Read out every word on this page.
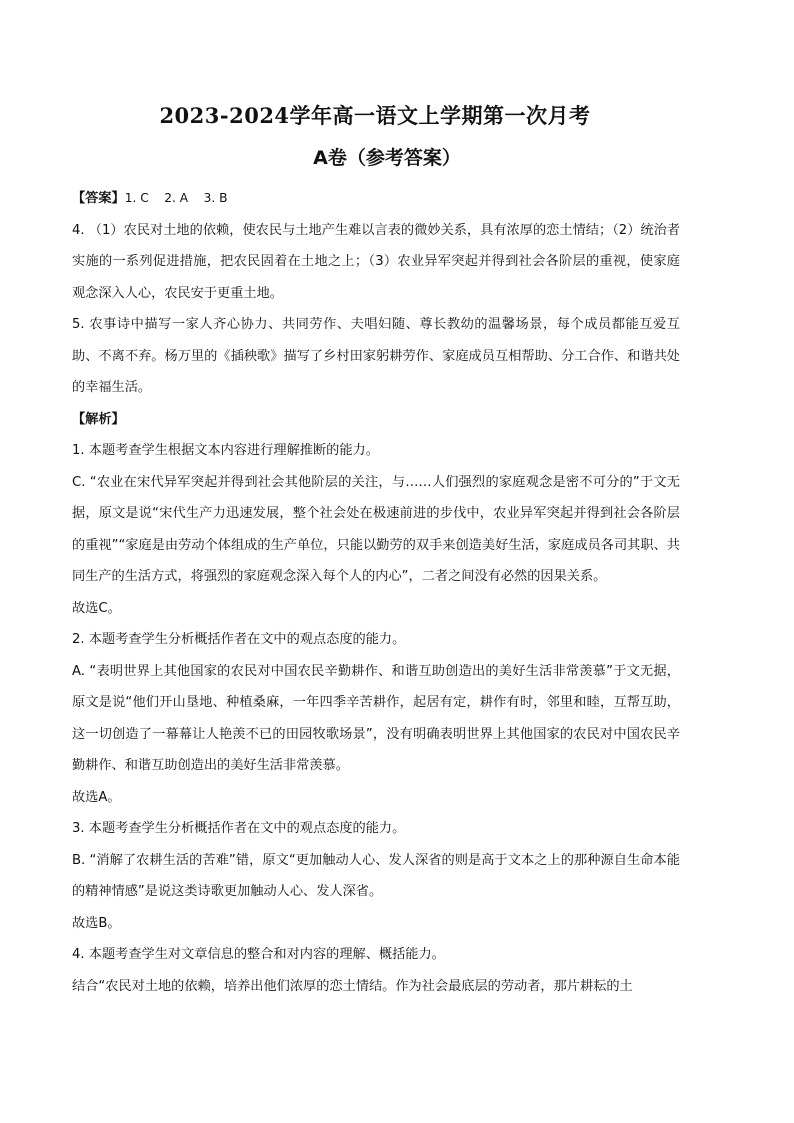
2023-2024学年高一语文上学期第一次月考
A卷（参考答案）

【答案】1. C    2. A    3. B

4. （1）农民对土地的依赖，使农民与土地产生难以言表的微妙关系，具有浓厚的恋土情结；（2）统治者实施的一系列促进措施，把农民固着在土地之上；（3）农业异军突起并得到社会各阶层的重视，使家庭观念深入人心，农民安于更重土地。

5. 农事诗中描写一家人齐心协力、共同劳作、夫唱妇随、尊长教幼的温馨场景，每个成员都能互爱互助、不离不弃。杨万里的《插秧歌》描写了乡村田家躬耕劳作、家庭成员互相帮助、分工合作、和谐共处的幸福生活。

【解析】

1. 本题考查学生根据文本内容进行理解推断的能力。

C. “农业在宋代异军突起并得到社会其他阶层的关注，与……人们强烈的家庭观念是密不可分的”于文无据，原文是说“宋代生产力迅速发展，整个社会处在极速前进的步伐中，农业异军突起并得到社会各阶层的重视”“家庭是由劳动个体组成的生产单位，只能以勤劳的双手来创造美好生活，家庭成员各司其职、共同生产的生活方式，将强烈的家庭观念深入每个人的内心”，二者之间没有必然的因果关系。

故选C。

2. 本题考查学生分析概括作者在文中的观点态度的能力。

A. “表明世界上其他国家的农民对中国农民辛勤耕作、和谐互助创造出的美好生活非常羡慕”于文无据，原文是说“他们开山垦地、种植桑麻，一年四季辛苦耕作，起居有定，耕作有时，邻里和睦，互帮互助，这一切创造了一幕幕让人艳羡不已的田园牧歌场景”，没有明确表明世界上其他国家的农民对中国农民辛勤耕作、和谐互助创造出的美好生活非常羡慕。

故选A。

3. 本题考查学生分析概括作者在文中的观点态度的能力。

B. “消解了农耕生活的苦难”错，原文“更加触动人心、发人深省的则是高于文本之上的那种源自生命本能的精神情感”是说这类诗歌更加触动人心、发人深省。

故选B。

4. 本题考查学生对文章信息的整合和对内容的理解、概括能力。

结合“农民对土地的依赖，培养出他们浓厚的恋土情结。作为社会最底层的劳动者，那片耕耘的土
